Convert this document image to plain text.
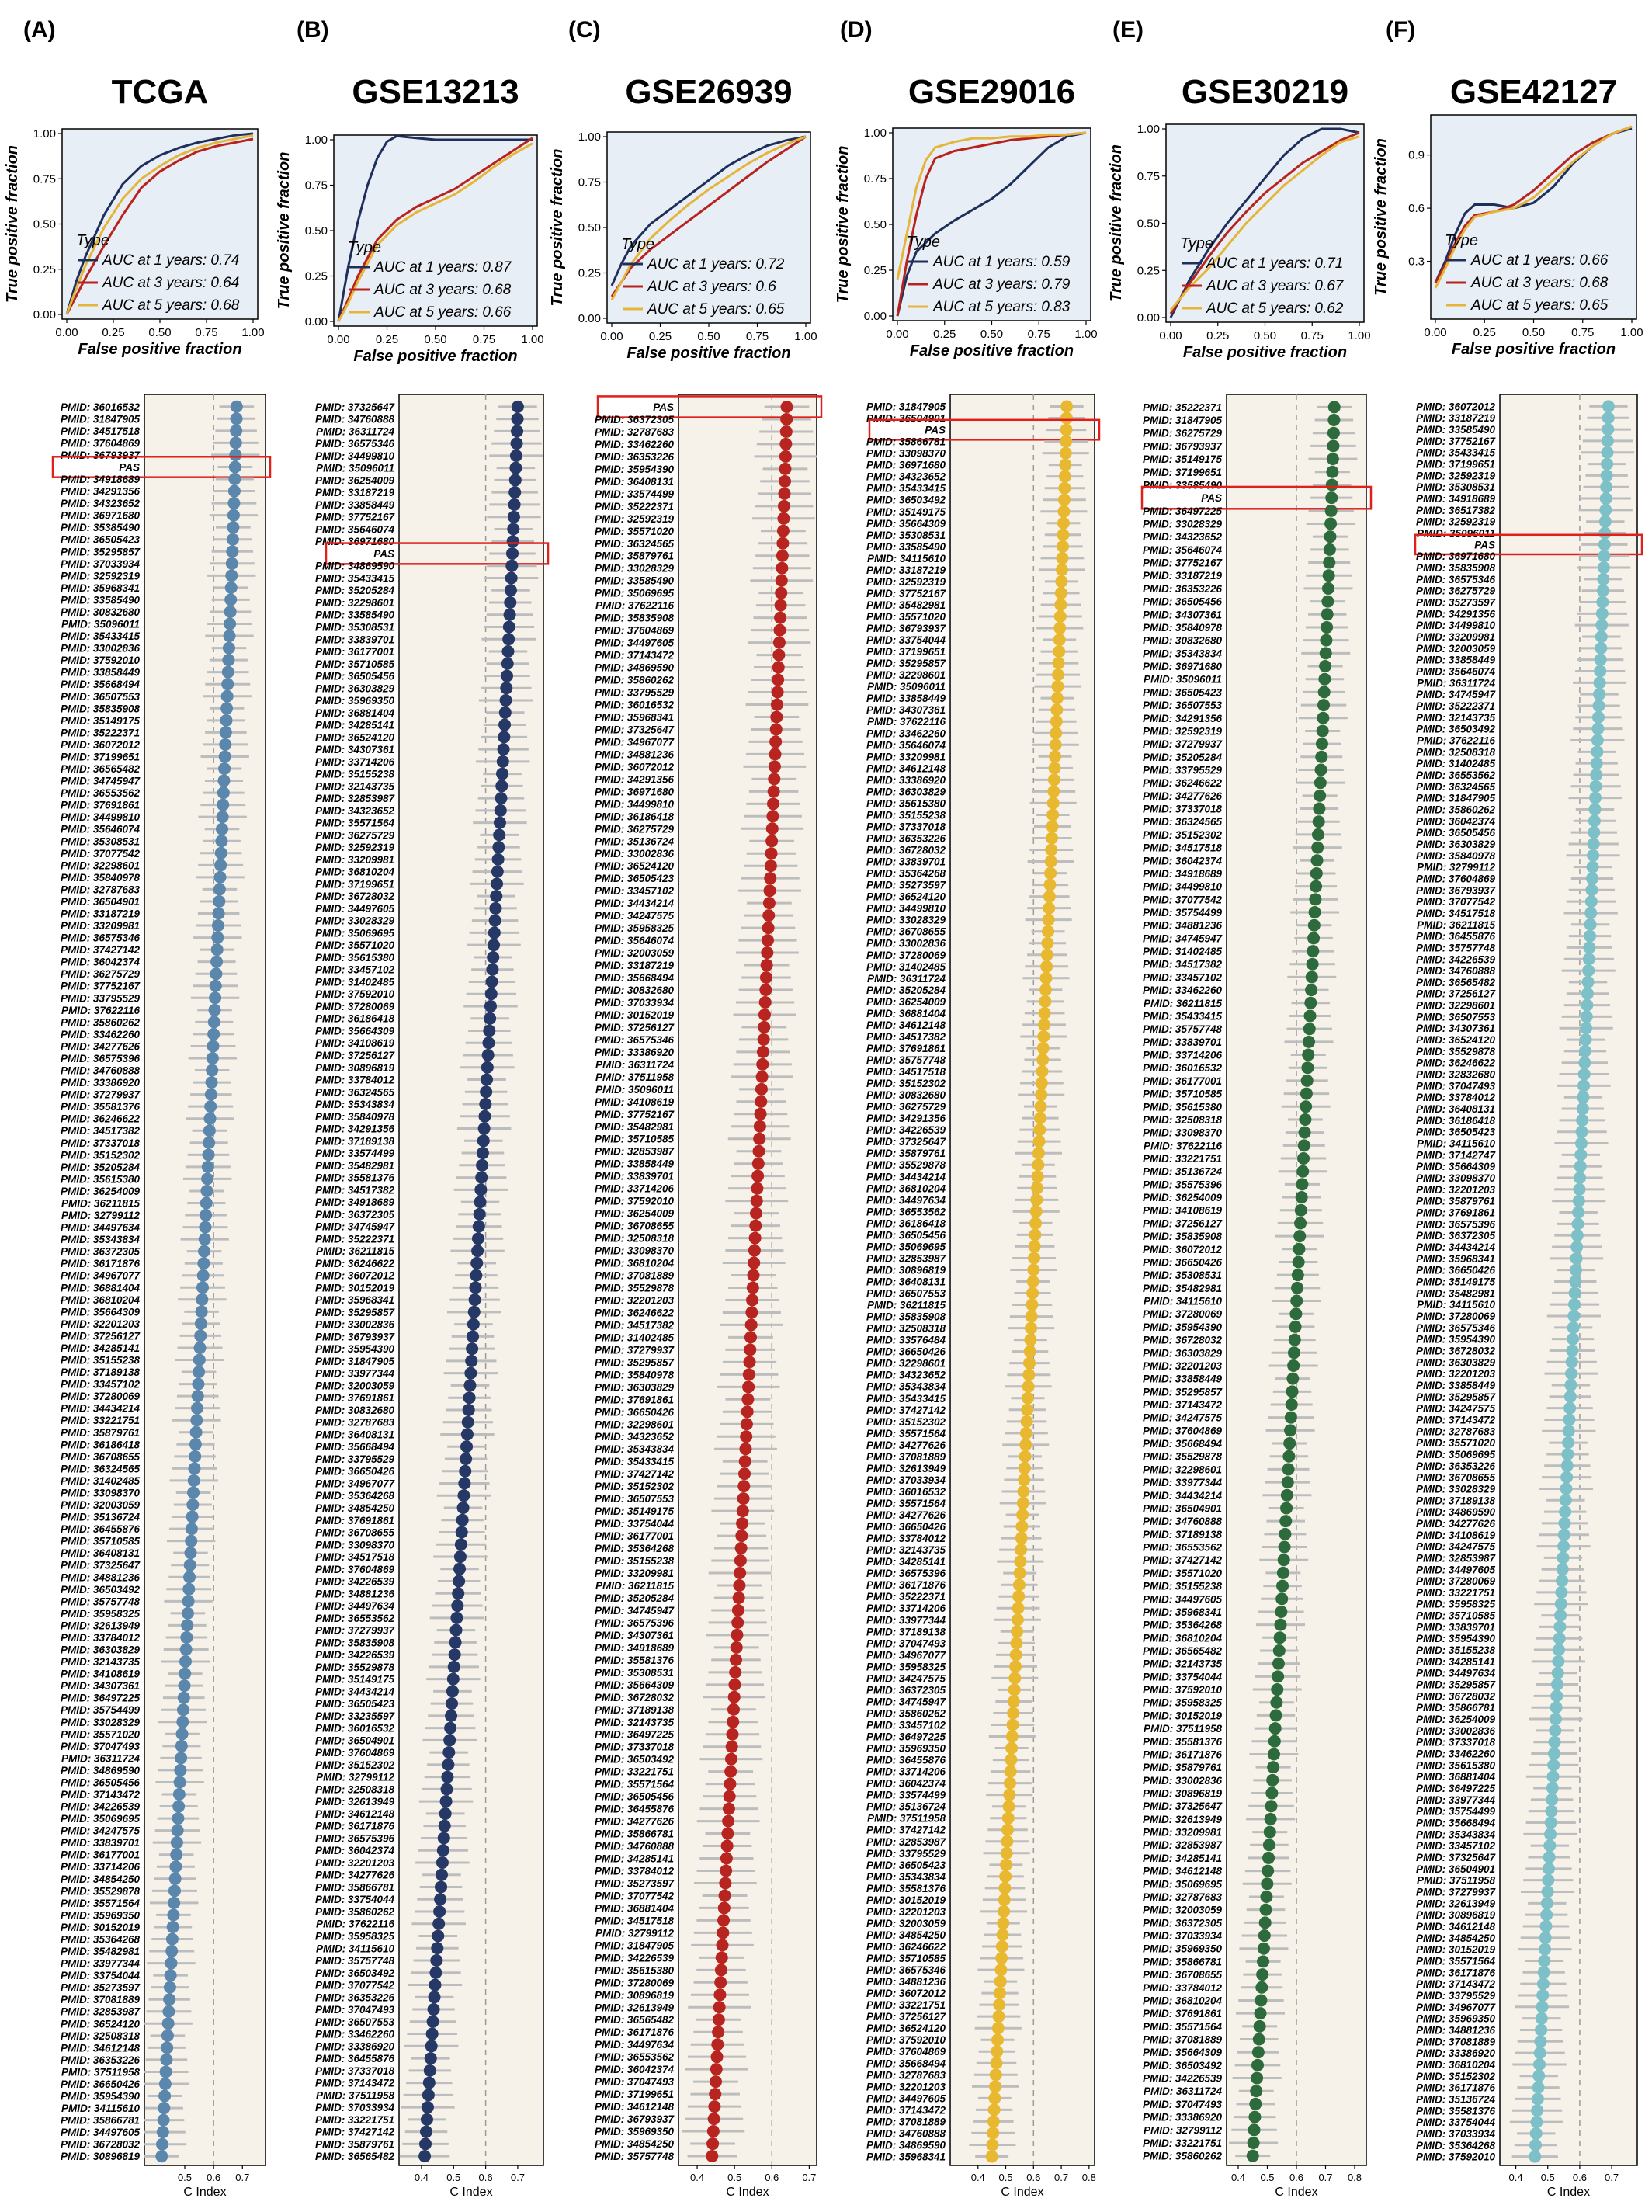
(A)
TCGA
0.00 0.25 0.50 0.75 1.00
0.00
0.25
0.50
0.75
1.00
False positive fraction
True positive fraction	Type
AUC at 1 years: 0.74
AUC at 3 years: 0.64
AUC at 5 years: 0.68
0.5 0.6 0.7
C Index
PMID: 36016532
PMID: 31847905
PMID: 34517518
PMID: 37604869
PMID: 36793937
PAS
PMID: 34918689
PMID: 34291356
PMID: 34323652
PMID: 36971680
PMID: 35385490
PMID: 36505423
PMID: 35295857
PMID: 37033934
PMID: 32592319
PMID: 35968341
PMID: 33585490
PMID: 30832680
PMID: 35096011
PMID: 35433415
PMID: 33002836
PMID: 37592010
PMID: 33858449
PMID: 35668494
PMID: 36507553
PMID: 35835908
PMID: 35149175
PMID: 35222371
PMID: 36072012
PMID: 37199651
PMID: 36565482
PMID: 34745947
PMID: 36553562
PMID: 37691861
PMID: 34499810
PMID: 35646074
PMID: 35308531
PMID: 37077542
PMID: 32298601
PMID: 35840978
PMID: 32787683
PMID: 36504901
PMID: 33187219
PMID: 33209981
PMID: 36575346
PMID: 37427142
PMID: 36042374
PMID: 36275729
PMID: 37752167
PMID: 33795529
PMID: 37622116
PMID: 35860262
PMID: 33462260
PMID: 34277626
PMID: 36575396
PMID: 34760888
PMID: 33386920
PMID: 37279937
PMID: 35581376
PMID: 36246622
PMID: 34517382
PMID: 37337018
PMID: 35152302
PMID: 35205284
PMID: 35615380
PMID: 36254009
PMID: 36211815
PMID: 32799112
PMID: 34497634
PMID: 35343834
PMID: 36372305
PMID: 36171876
PMID: 34967077
PMID: 36881404
PMID: 36810204
PMID: 35664309
PMID: 32201203
PMID: 37256127
PMID: 34285141
PMID: 35155238
PMID: 37189138
PMID: 33457102
PMID: 37280069
PMID: 34434214
PMID: 33221751
PMID: 35879761
PMID: 36186418
PMID: 36708655
PMID: 36324565
PMID: 31402485
PMID: 33098370
PMID: 32003059
PMID: 35136724
PMID: 36455876
PMID: 35710585
PMID: 36408131
PMID: 37325647
PMID: 34881236
PMID: 36503492
PMID: 35757748
PMID: 35958325
PMID: 32613949
PMID: 33784012
PMID: 36303829
PMID: 32143735
PMID: 34108619
PMID: 34307361
PMID: 36497225
PMID: 35754499
PMID: 33028329
PMID: 35571020
PMID: 37047493
PMID: 36311724
PMID: 34869590
PMID: 36505456
PMID: 37143472
PMID: 34226539
PMID: 35069695
PMID: 34247575
PMID: 33839701
PMID: 36177001
PMID: 33714206
PMID: 34854250
PMID: 35529878
PMID: 35571564
PMID: 35969350
PMID: 30152019
PMID: 35364268
PMID: 35482981
PMID: 33977344
PMID: 33754044
PMID: 35273597
PMID: 37081889
PMID: 32853987
PMID: 36524120
PMID: 32508318
PMID: 34612148
PMID: 36353226
PMID: 37511958
PMID: 36650426
PMID: 35954390
PMID: 34115610
PMID: 35866781
PMID: 34497605
PMID: 36728032
PMID: 30896819
(B)
GSE13213
0.00 0.25 0.50 0.75 1.00
0.00
0.25
0.50
0.75
1.00
False positive fraction
True positive fraction	Type
AUC at 1 years: 0.87
AUC at 3 years: 0.68
AUC at 5 years: 0.66
0.4 0.5 0.6 0.7
C Index
PMID: 37325647
PMID: 34760888
PMID: 36311724
PMID: 36575346
PMID: 34499810
PMID: 35096011
PMID: 36254009
PMID: 33187219
PMID: 33858449
PMID: 37752167
PMID: 35646074
PMID: 36971680
PAS
PMID: 34869590
PMID: 35433415
PMID: 35205284
PMID: 32298601
PMID: 33585490
PMID: 35308531
PMID: 33839701
PMID: 36177001
PMID: 35710585
PMID: 36505456
PMID: 36303829
PMID: 35969350
PMID: 36881404
PMID: 34285141
PMID: 36524120
PMID: 34307361
PMID: 33714206
PMID: 35155238
PMID: 32143735
PMID: 32853987
PMID: 34323652
PMID: 35571564
PMID: 36275729
PMID: 32592319
PMID: 33209981
PMID: 36810204
PMID: 37199651
PMID: 36728032
PMID: 34497605
PMID: 33028329
PMID: 35069695
PMID: 35571020
PMID: 35615380
PMID: 33457102
PMID: 31402485
PMID: 37592010
PMID: 37280069
PMID: 36186418
PMID: 35664309
PMID: 34108619
PMID: 37256127
PMID: 30896819
PMID: 33784012
PMID: 36324565
PMID: 35343834
PMID: 35840978
PMID: 34291356
PMID: 37189138
PMID: 33574499
PMID: 35482981
PMID: 35581376
PMID: 34517382
PMID: 34918689
PMID: 36372305
PMID: 34745947
PMID: 35222371
PMID: 36211815
PMID: 36246622
PMID: 36072012
PMID: 30152019
PMID: 35968341
PMID: 35295857
PMID: 33002836
PMID: 36793937
PMID: 35954390
PMID: 31847905
PMID: 33977344
PMID: 32003059
PMID: 37691861
PMID: 30832680
PMID: 32787683
PMID: 36408131
PMID: 35668494
PMID: 33795529
PMID: 36650426
PMID: 34967077
PMID: 35364268
PMID: 34854250
PMID: 37691861
PMID: 36708655
PMID: 33098370
PMID: 34517518
PMID: 37604869
PMID: 34226539
PMID: 34881236
PMID: 34497634
PMID: 36553562
PMID: 37279937
PMID: 35835908
PMID: 34226539
PMID: 35529878
PMID: 35149175
PMID: 34434214
PMID: 36505423
PMID: 33235597
PMID: 36016532
PMID: 36504901
PMID: 37604869
PMID: 35152302
PMID: 32799112
PMID: 32508318
PMID: 32613949
PMID: 34612148
PMID: 36171876
PMID: 36575396
PMID: 36042374
PMID: 32201203
PMID: 34277626
PMID: 35866781
PMID: 33754044
PMID: 35860262
PMID: 37622116
PMID: 35958325
PMID: 34115610
PMID: 35757748
PMID: 36503492
PMID: 37077542
PMID: 36353226
PMID: 37047493
PMID: 36507553
PMID: 33462260
PMID: 33386920
PMID: 36455876
PMID: 37337018
PMID: 37143472
PMID: 37511958
PMID: 37033934
PMID: 33221751
PMID: 37427142
PMID: 35879761
PMID: 36565482
(C)
GSE26939
0.00 0.25 0.50 0.75 1.00
0.00
0.25
0.50
0.75
1.00
False positive fraction
True positive fraction	Type
AUC at 1 years: 0.72
AUC at 3 years: 0.6
AUC at 5 years: 0.65
0.4 0.5 0.6 0.7
C Index
PAS
PMID: 36372305
PMID: 32787683
PMID: 33462260
PMID: 36353226
PMID: 35954390
PMID: 36408131
PMID: 33574499
PMID: 35222371
PMID: 32592319
PMID: 35571020
PMID: 36324565
PMID: 35879761
PMID: 33028329
PMID: 33585490
PMID: 35069695
PMID: 37622116
PMID: 35835908
PMID: 37604869
PMID: 34497605
PMID: 37143472
PMID: 34869590
PMID: 35860262
PMID: 33795529
PMID: 36016532
PMID: 35968341
PMID: 37325647
PMID: 34967077
PMID: 34881236
PMID: 36072012
PMID: 34291356
PMID: 36971680
PMID: 34499810
PMID: 36186418
PMID: 36275729
PMID: 35136724
PMID: 33002836
PMID: 36524120
PMID: 36505423
PMID: 33457102
PMID: 34434214
PMID: 34247575
PMID: 35958325
PMID: 35646074
PMID: 32003059
PMID: 33187219
PMID: 35668494
PMID: 30832680
PMID: 37033934
PMID: 30152019
PMID: 37256127
PMID: 36575346
PMID: 33386920
PMID: 36311724
PMID: 37511958
PMID: 35096011
PMID: 34108619
PMID: 37752167
PMID: 35482981
PMID: 35710585
PMID: 32853987
PMID: 33858449
PMID: 33839701
PMID: 33714206
PMID: 37592010
PMID: 36254009
PMID: 36708655
PMID: 32508318
PMID: 33098370
PMID: 36810204
PMID: 37081889
PMID: 35529878
PMID: 32201203
PMID: 36246622
PMID: 34517382
PMID: 31402485
PMID: 37279937
PMID: 35295857
PMID: 35840978
PMID: 36303829
PMID: 37691861
PMID: 36650426
PMID: 32298601
PMID: 34323652
PMID: 35343834
PMID: 35433415
PMID: 37427142
PMID: 35152302
PMID: 36507553
PMID: 35149175
PMID: 33754044
PMID: 36177001
PMID: 35364268
PMID: 35155238
PMID: 33209981
PMID: 36211815
PMID: 35205284
PMID: 34745947
PMID: 36575396
PMID: 34307361
PMID: 34918689
PMID: 35581376
PMID: 35308531
PMID: 35664309
PMID: 36728032
PMID: 37189138
PMID: 32143735
PMID: 36497225
PMID: 37337018
PMID: 36503492
PMID: 33221751
PMID: 35571564
PMID: 36505456
PMID: 36455876
PMID: 34277626
PMID: 35866781
PMID: 34760888
PMID: 34285141
PMID: 33784012
PMID: 35273597
PMID: 37077542
PMID: 36881404
PMID: 34517518
PMID: 32799112
PMID: 31847905
PMID: 34226539
PMID: 35615380
PMID: 37280069
PMID: 30896819
PMID: 32613949
PMID: 36565482
PMID: 36171876
PMID: 34497634
PMID: 36553562
PMID: 36042374
PMID: 37047493
PMID: 37199651
PMID: 34612148
PMID: 36793937
PMID: 35969350
PMID: 34854250
PMID: 35757748
(D)
GSE29016
0.00 0.25 0.50 0.75 1.00
0.00
0.25
0.50
0.75
1.00
False positive fraction
True positive fraction	Type
AUC at 1 years: 0.59
AUC at 3 years: 0.79
AUC at 5 years: 0.83
0.4 0.5 0.6 0.7 0.8
C Index
PMID: 31847905
PMID: 36504901
PAS
PMID: 35866781
PMID: 33098370
PMID: 36971680
PMID: 34323652
PMID: 35433415
PMID: 36503492
PMID: 35149175
PMID: 35664309
PMID: 35308531
PMID: 33585490
PMID: 34115610
PMID: 33187219
PMID: 32592319
PMID: 37752167
PMID: 35482981
PMID: 35571020
PMID: 36793937
PMID: 33754044
PMID: 37199651
PMID: 35295857
PMID: 32298601
PMID: 35096011
PMID: 33858449
PMID: 34307361
PMID: 37622116
PMID: 33462260
PMID: 35646074
PMID: 33209981
PMID: 34612148
PMID: 33386920
PMID: 36303829
PMID: 35615380
PMID: 35155238
PMID: 37337018
PMID: 36353226
PMID: 36728032
PMID: 33839701
PMID: 35364268
PMID: 35273597
PMID: 36524120
PMID: 34499810
PMID: 33028329
PMID: 36708655
PMID: 33002836
PMID: 37280069
PMID: 31402485
PMID: 36311724
PMID: 35205284
PMID: 36254009
PMID: 36881404
PMID: 34612148
PMID: 34517382
PMID: 37691861
PMID: 35757748
PMID: 34517518
PMID: 35152302
PMID: 30832680
PMID: 36275729
PMID: 34291356
PMID: 34226539
PMID: 37325647
PMID: 35879761
PMID: 35529878
PMID: 34434214
PMID: 36810204
PMID: 34497634
PMID: 36553562
PMID: 36186418
PMID: 36505456
PMID: 35069695
PMID: 32853987
PMID: 30896819
PMID: 36408131
PMID: 36507553
PMID: 36211815
PMID: 35835908
PMID: 32508318
PMID: 33576484
PMID: 36650426
PMID: 32298601
PMID: 34323652
PMID: 35343834
PMID: 35433415
PMID: 37427142
PMID: 35152302
PMID: 35571564
PMID: 34277626
PMID: 37081889
PMID: 32613949
PMID: 37033934
PMID: 36016532
PMID: 35571564
PMID: 34277626
PMID: 36650426
PMID: 33784012
PMID: 32143735
PMID: 34285141
PMID: 36575396
PMID: 36171876
PMID: 35222371
PMID: 33714206
PMID: 33977344
PMID: 37189138
PMID: 37047493
PMID: 34967077
PMID: 35958325
PMID: 34247575
PMID: 36372305
PMID: 34745947
PMID: 35860262
PMID: 33457102
PMID: 36497225
PMID: 35969350
PMID: 36455876
PMID: 33714206
PMID: 36042374
PMID: 33574499
PMID: 35136724
PMID: 37511958
PMID: 37427142
PMID: 32853987
PMID: 33795529
PMID: 36505423
PMID: 35343834
PMID: 35581376
PMID: 30152019
PMID: 32201203
PMID: 32003059
PMID: 34854250
PMID: 36246622
PMID: 35710585
PMID: 36575346
PMID: 34881236
PMID: 36072012
PMID: 33221751
PMID: 37256127
PMID: 36524120
PMID: 37592010
PMID: 37604869
PMID: 35668494
PMID: 32787683
PMID: 32201203
PMID: 34497605
PMID: 37143472
PMID: 37081889
PMID: 34760888
PMID: 34869590
PMID: 35968341
(E)
GSE30219
0.00 0.25 0.50 0.75 1.00
0.00
0.25
0.50
0.75
1.00
False positive fraction
True positive fraction	Type
AUC at 1 years: 0.71
AUC at 3 years: 0.67
AUC at 5 years: 0.62
0.4 0.5 0.6 0.7 0.8
C Index
PMID: 35222371
PMID: 31847905
PMID: 36275729
PMID: 36793937
PMID: 35149175
PMID: 37199651
PMID: 33585490
PAS
PMID: 36497225
PMID: 33028329
PMID: 34323652
PMID: 35646074
PMID: 37752167
PMID: 33187219
PMID: 36353226
PMID: 36505456
PMID: 34307361
PMID: 35840978
PMID: 30832680
PMID: 35343834
PMID: 36971680
PMID: 35096011
PMID: 36505423
PMID: 36507553
PMID: 34291356
PMID: 32592319
PMID: 37279937
PMID: 35205284
PMID: 33795529
PMID: 36246622
PMID: 34277626
PMID: 37337018
PMID: 36324565
PMID: 35152302
PMID: 34517518
PMID: 36042374
PMID: 34918689
PMID: 34499810
PMID: 37077542
PMID: 35754499
PMID: 34881236
PMID: 34745947
PMID: 31402485
PMID: 34517382
PMID: 33457102
PMID: 33462260
PMID: 36211815
PMID: 35433415
PMID: 35757748
PMID: 33839701
PMID: 33714206
PMID: 36016532
PMID: 36177001
PMID: 35710585
PMID: 35615380
PMID: 32508318
PMID: 33098370
PMID: 37622116
PMID: 33221751
PMID: 35136724
PMID: 35575396
PMID: 36254009
PMID: 34108619
PMID: 37256127
PMID: 35835908
PMID: 36072012
PMID: 36650426
PMID: 35308531
PMID: 35482981
PMID: 34115610
PMID: 37280069
PMID: 35954390
PMID: 36728032
PMID: 36303829
PMID: 32201203
PMID: 33858449
PMID: 35295857
PMID: 37143472
PMID: 34247575
PMID: 37604869
PMID: 35668494
PMID: 35529878
PMID: 32298601
PMID: 33977344
PMID: 34434214
PMID: 36504901
PMID: 34760888
PMID: 37189138
PMID: 36553562
PMID: 37427142
PMID: 35571020
PMID: 35155238
PMID: 34497605
PMID: 35968341
PMID: 35364268
PMID: 36810204
PMID: 36565482
PMID: 32143735
PMID: 33754044
PMID: 37592010
PMID: 35958325
PMID: 30152019
PMID: 37511958
PMID: 35581376
PMID: 36171876
PMID: 35879761
PMID: 33002836
PMID: 30896819
PMID: 37325647
PMID: 32613949
PMID: 33209981
PMID: 32853987
PMID: 34285141
PMID: 34612148
PMID: 35069695
PMID: 32787683
PMID: 32003059
PMID: 36372305
PMID: 37033934
PMID: 35969350
PMID: 35866781
PMID: 36708655
PMID: 33784012
PMID: 36810204
PMID: 37691861
PMID: 35571564
PMID: 37081889
PMID: 35664309
PMID: 36503492
PMID: 34226539
PMID: 36311724
PMID: 37047493
PMID: 33386920
PMID: 32799112
PMID: 33221751
PMID: 35860262
(F)
GSE42127
0.00 0.25 0.50 0.75 1.00
0.3
0.6
0.9
False positive fraction
True positive fraction	Type
AUC at 1 years: 0.66
AUC at 3 years: 0.68
AUC at 5 years: 0.65
0.4 0.5 0.6 0.7
C Index
PMID: 36072012
PMID: 33187219
PMID: 33585490
PMID: 37752167
PMID: 35433415
PMID: 37199651
PMID: 32592319
PMID: 35308531
PMID: 34918689
PMID: 36517382
PMID: 32592319
PMID: 35096011
PAS
PMID: 36971680
PMID: 35835908
PMID: 36575346
PMID: 36275729
PMID: 35273597
PMID: 34291356
PMID: 34499810
PMID: 33209981
PMID: 32003059
PMID: 33858449
PMID: 35646074
PMID: 36311724
PMID: 34745947
PMID: 35222371
PMID: 32143735
PMID: 36503492
PMID: 37622116
PMID: 32508318
PMID: 31402485
PMID: 36553562
PMID: 36324565
PMID: 31847905
PMID: 35860262
PMID: 36042374
PMID: 36505456
PMID: 36303829
PMID: 35840978
PMID: 32799112
PMID: 37604869
PMID: 36793937
PMID: 37077542
PMID: 34517518
PMID: 36211815
PMID: 36455876
PMID: 35757748
PMID: 34226539
PMID: 34760888
PMID: 36565482
PMID: 37256127
PMID: 32298601
PMID: 36507553
PMID: 34307361
PMID: 36524120
PMID: 35529878
PMID: 36246622
PMID: 32832680
PMID: 37047493
PMID: 33784012
PMID: 36408131
PMID: 36186418
PMID: 36505423
PMID: 34115610
PMID: 37142747
PMID: 35664309
PMID: 33098370
PMID: 32201203
PMID: 35879761
PMID: 37691861
PMID: 36575396
PMID: 36372305
PMID: 34434214
PMID: 35968341
PMID: 36650426
PMID: 35149175
PMID: 35482981
PMID: 34115610
PMID: 37280069
PMID: 36575346
PMID: 35954390
PMID: 36728032
PMID: 36303829
PMID: 32201203
PMID: 33858449
PMID: 35295857
PMID: 34247575
PMID: 37143472
PMID: 32787683
PMID: 35571020
PMID: 35069695
PMID: 36353226
PMID: 36708655
PMID: 33028329
PMID: 37189138
PMID: 34869590
PMID: 34277626
PMID: 34108619
PMID: 34247575
PMID: 32853987
PMID: 34497605
PMID: 37280069
PMID: 33221751
PMID: 35958325
PMID: 35710585
PMID: 33839701
PMID: 35954390
PMID: 35155238
PMID: 34285141
PMID: 34497634
PMID: 35295857
PMID: 36728032
PMID: 35866781
PMID: 36254009
PMID: 33002836
PMID: 37337018
PMID: 33462260
PMID: 35615380
PMID: 36881404
PMID: 36497225
PMID: 33977344
PMID: 35754499
PMID: 35668494
PMID: 35343834
PMID: 33457102
PMID: 37325647
PMID: 36504901
PMID: 37511958
PMID: 37279937
PMID: 32613949
PMID: 30896819
PMID: 34612148
PMID: 34854250
PMID: 30152019
PMID: 35571564
PMID: 36171876
PMID: 37143472
PMID: 33795529
PMID: 34967077
PMID: 35969350
PMID: 34881236
PMID: 37081889
PMID: 33386920
PMID: 36810204
PMID: 35152302
PMID: 36171876
PMID: 35136724
PMID: 35581376
PMID: 33754044
PMID: 37033934
PMID: 35364268
PMID: 37592010
